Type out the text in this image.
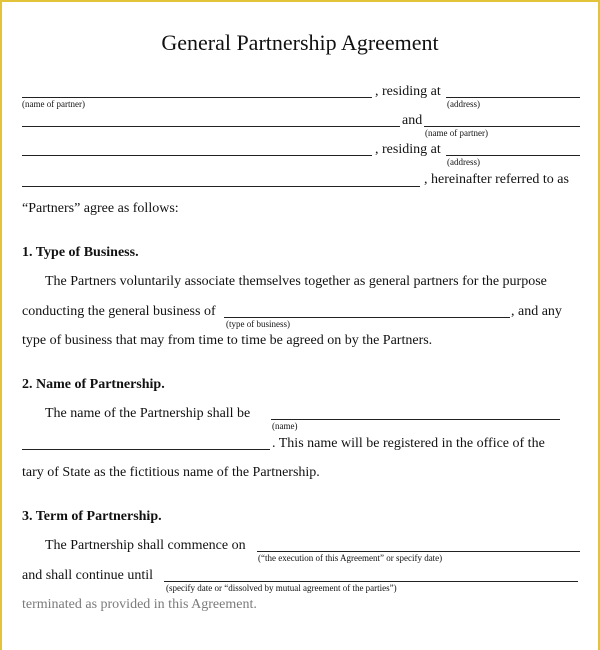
General Partnership Agreement
, residing at
(name of partner)	(address)
and
(name of partner)
, residing at
(address)
, hereinafter referred to as
“Partners” agree as follows:
1. Type of Business.
The Partners voluntarily associate themselves together as general partners for the purpose
conducting the general business of	, and any
(type of business)
type of business that may from time to time be agreed on by the Partners.
2. Name of Partnership.
The name of the Partnership shall be
(name)
. This name will be registered in the office of the
tary of State as the fictitious name of the Partnership.
3. Term of Partnership.
The Partnership shall commence on
(“the execution of this Agreement” or specify date)
and shall continue until
(specify date or “dissolved by mutual agreement of the parties”)
terminated as provided in this Agreement.
